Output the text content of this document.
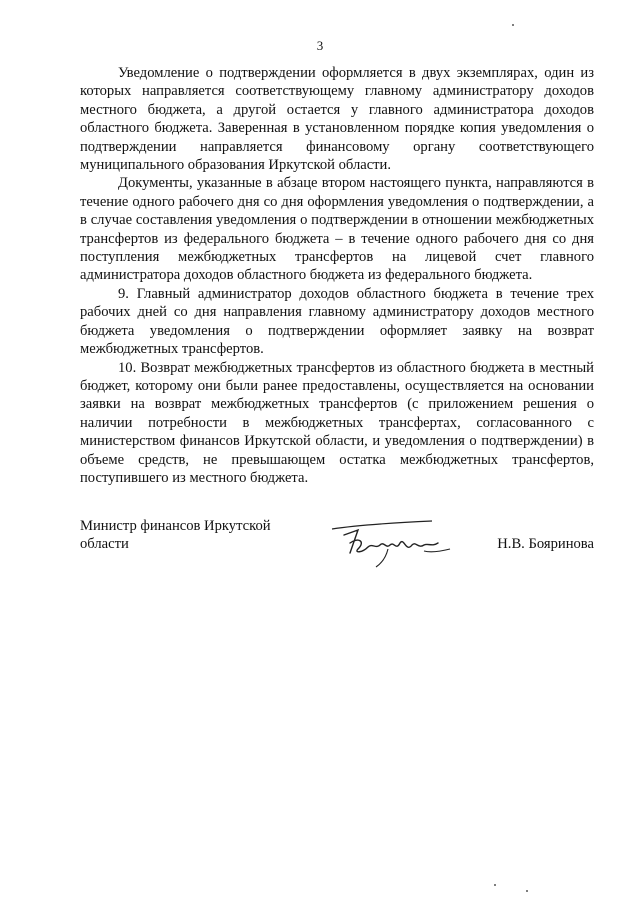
3

Уведомление о подтверждении оформляется в двух экземплярах, один из которых направляется соответствующему главному администратору доходов местного бюджета, а другой остается у главного администратора доходов областного бюджета. Заверенная в установленном порядке копия уведомления о подтверждении направляется финансовому органу соответствующего муниципального образования Иркутской области.

Документы, указанные в абзаце втором настоящего пункта, направляются в течение одного рабочего дня со дня оформления уведомления о подтверждении, а в случае составления уведомления о подтверждении в отношении межбюджетных трансфертов из федерального бюджета – в течение одного рабочего дня со дня поступления межбюджетных трансфертов на лицевой счет главного администратора доходов областного бюджета из федерального бюджета.

9. Главный администратор доходов областного бюджета в течение трех рабочих дней со дня направления главному администратору доходов местного бюджета уведомления о подтверждении оформляет заявку на возврат межбюджетных трансфертов.

10. Возврат межбюджетных трансфертов из областного бюджета в местный бюджет, которому они были ранее предоставлены, осуществляется на основании заявки на возврат межбюджетных трансфертов (с приложением решения о наличии потребности в межбюджетных трансфертах, согласованного с министерством финансов Иркутской области, и уведомления о подтверждении) в объеме средств, не превышающем остатка межбюджетных трансфертов, поступившего из местного бюджета.

Министр финансов Иркутской области	Н.В. Бояринова
